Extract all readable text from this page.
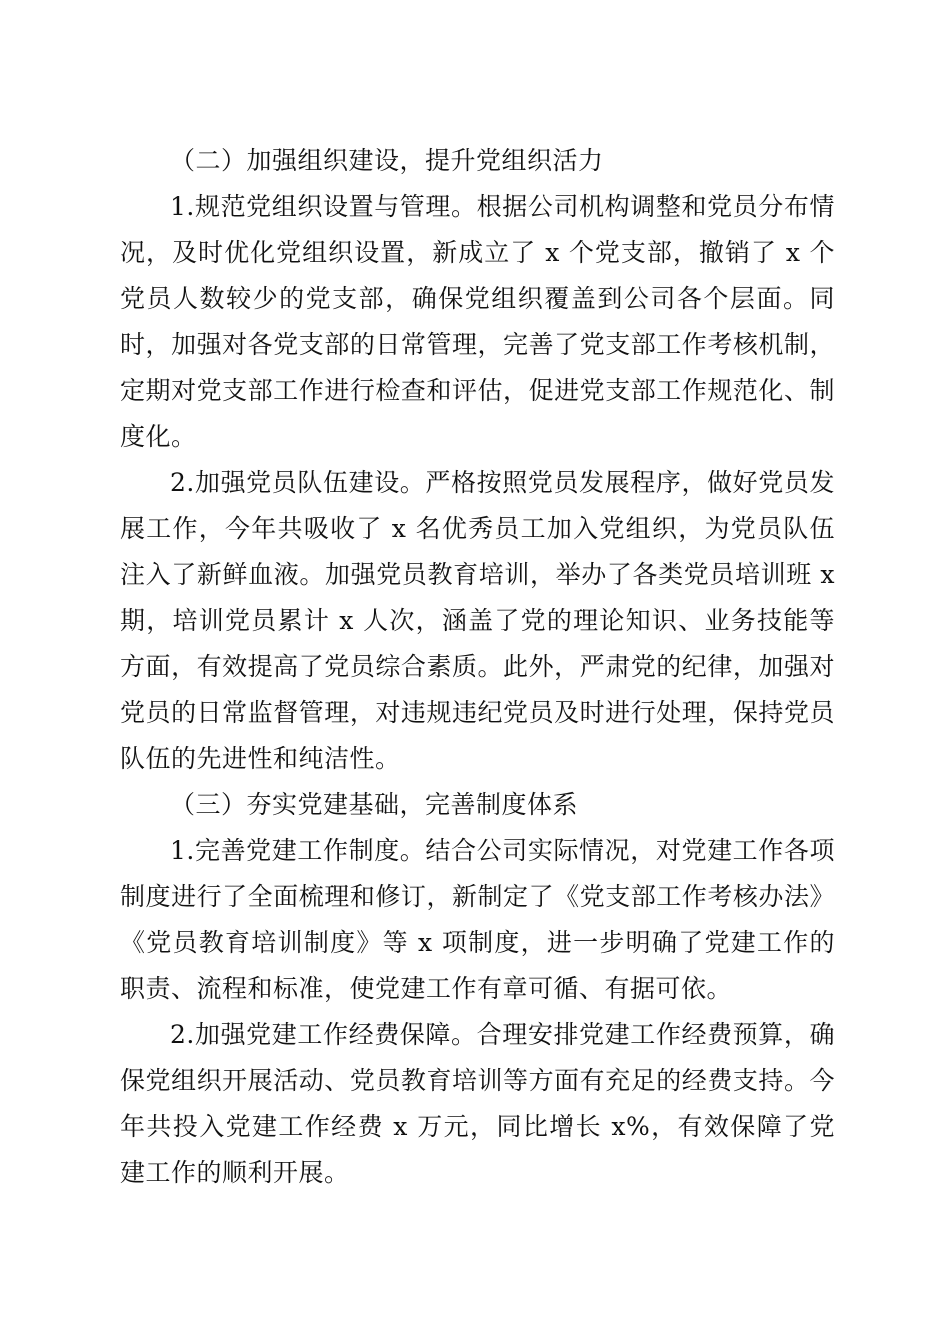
（二）加强组织建设，提升党组织活力

1.规范党组织设置与管理。根据公司机构调整和党员分布情况，及时优化党组织设置，新成立了 x 个党支部，撤销了 x 个党员人数较少的党支部，确保党组织覆盖到公司各个层面。同时，加强对各党支部的日常管理，完善了党支部工作考核机制，定期对党支部工作进行检查和评估，促进党支部工作规范化、制度化。

2.加强党员队伍建设。严格按照党员发展程序，做好党员发展工作，今年共吸收了 x 名优秀员工加入党组织，为党员队伍注入了新鲜血液。加强党员教育培训，举办了各类党员培训班 x 期，培训党员累计 x 人次，涵盖了党的理论知识、业务技能等方面，有效提高了党员综合素质。此外，严肃党的纪律，加强对党员的日常监督管理，对违规违纪党员及时进行处理，保持党员队伍的先进性和纯洁性。

（三）夯实党建基础，完善制度体系

1.完善党建工作制度。结合公司实际情况，对党建工作各项制度进行了全面梳理和修订，新制定了《党支部工作考核办法》《党员教育培训制度》等 x 项制度，进一步明确了党建工作的职责、流程和标准，使党建工作有章可循、有据可依。

2.加强党建工作经费保障。合理安排党建工作经费预算，确保党组织开展活动、党员教育培训等方面有充足的经费支持。今年共投入党建工作经费 x 万元，同比增长 x%，有效保障了党建工作的顺利开展。
